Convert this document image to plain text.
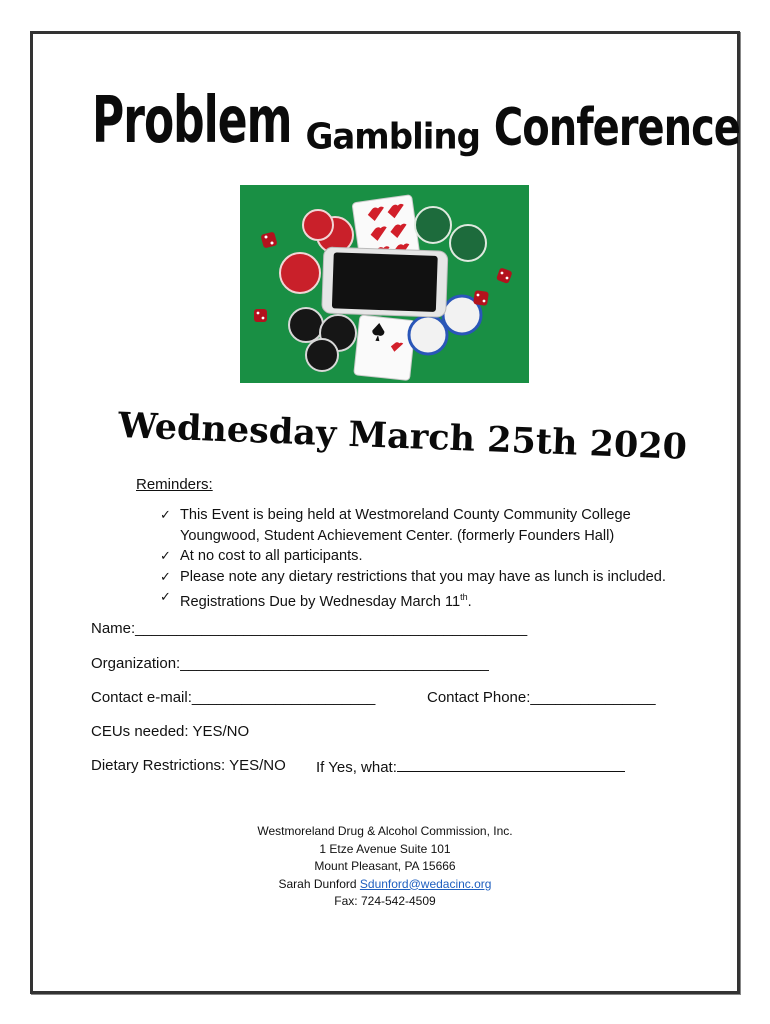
Problem Gambling Conference
Wednesday March 25th 2020
Reminders:
✓ This Event is being held at Westmoreland County Community College
Youngwood, Student Achievement Center. (formerly Founders Hall)
✓ At no cost to all participants.
✓ Please note any dietary restrictions that you may have as lunch is included.
✓ Registrations Due by Wednesday March 11th.
Name:_______________________________________________
Organization:_____________________________________
Contact e-mail:______________________	Contact Phone:_______________
CEUs needed: YES/NO
Dietary Restrictions: YES/NO If Yes, what:
Westmoreland Drug & Alcohol Commission, Inc.
1 Etze Avenue Suite 101
Mount Pleasant, PA 15666
Sarah Dunford Sdunford@wedacinc.org
Fax: 724-542-4509
